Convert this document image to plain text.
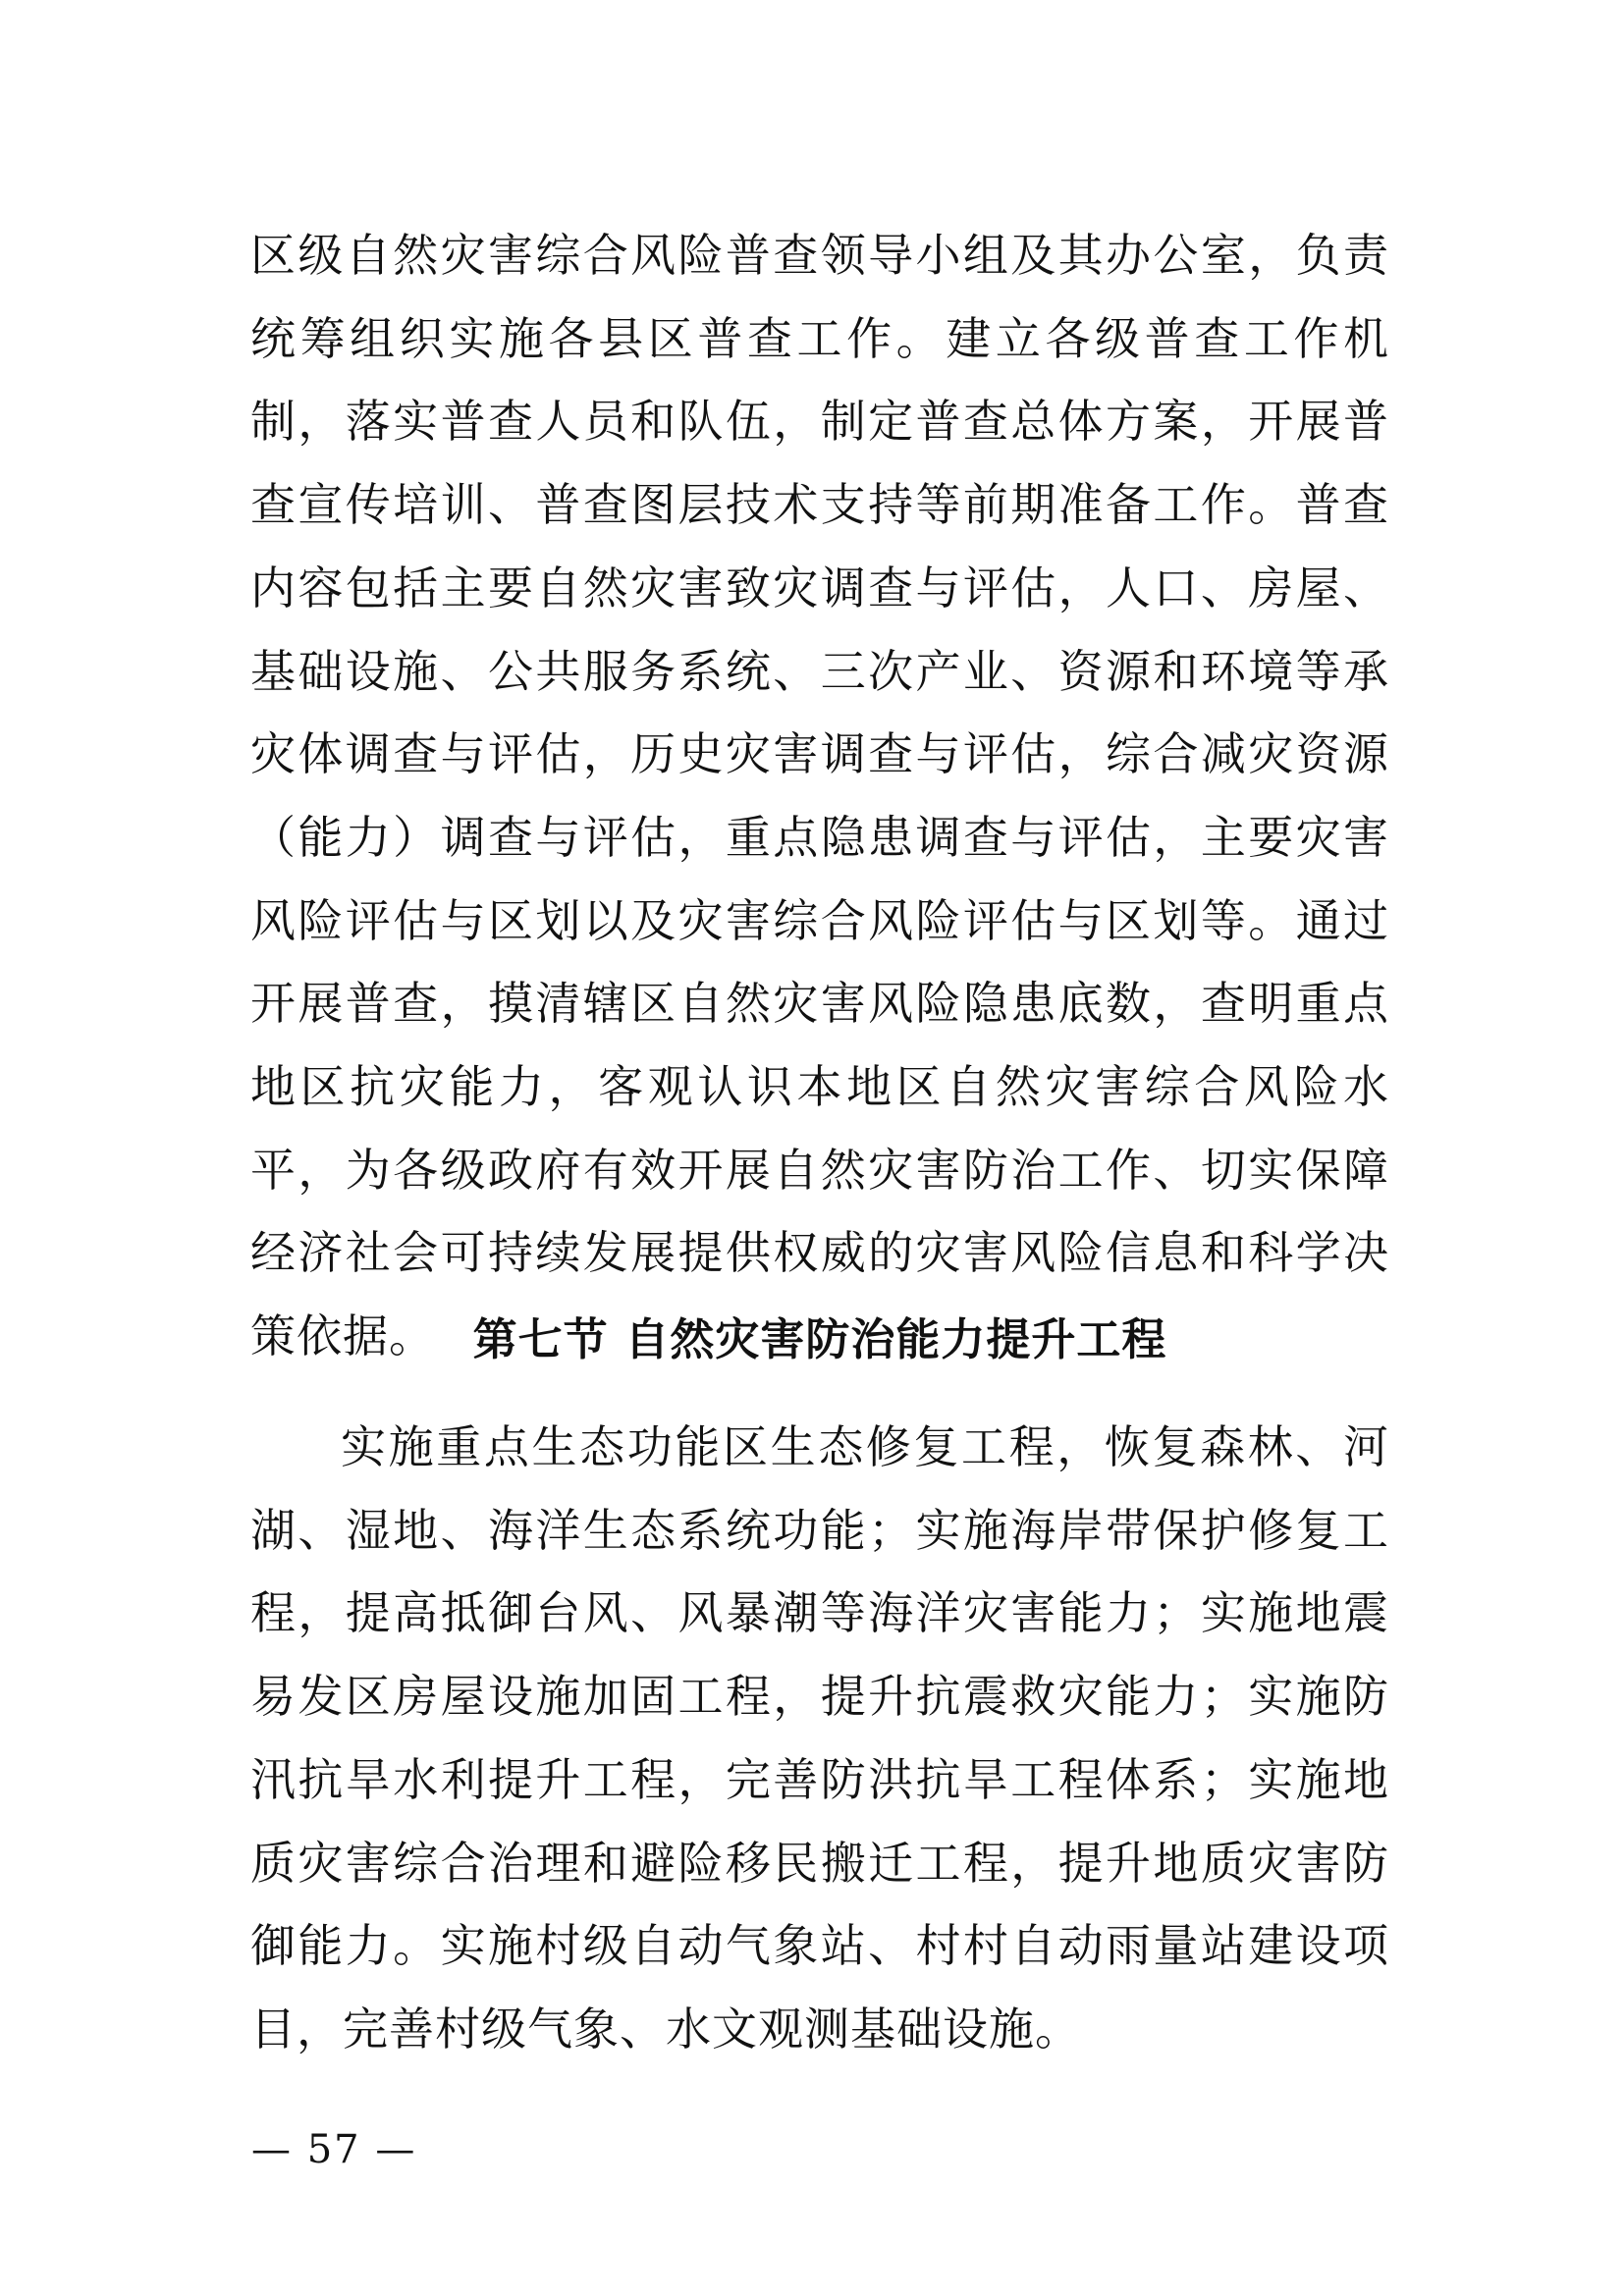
区级自然灾害综合风险普查领导小组及其办公室，负责统筹组织实施各县区普查工作。建立各级普查工作机制，落实普查人员和队伍，制定普查总体方案，开展普查宣传培训、普查图层技术支持等前期准备工作。普查内容包括主要自然灾害致灾调查与评估，人口、房屋、基础设施、公共服务系统、三次产业、资源和环境等承灾体调查与评估，历史灾害调查与评估，综合减灾资源（能力）调查与评估，重点隐患调查与评估，主要灾害风险评估与区划以及灾害综合风险评估与区划等。通过开展普查，摸清辖区自然灾害风险隐患底数，查明重点地区抗灾能力，客观认识本地区自然灾害综合风险水平，为各级政府有效开展自然灾害防治工作、切实保障经济社会可持续发展提供权威的灾害风险信息和科学决策依据。 第七节 自然灾害防治能力提升工程

实施重点生态功能区生态修复工程，恢复森林、河湖、湿地、海洋生态系统功能；实施海岸带保护修复工程，提高抵御台风、风暴潮等海洋灾害能力；实施地震易发区房屋设施加固工程，提升抗震救灾能力；实施防汛抗旱水利提升工程，完善防洪抗旱工程体系；实施地质灾害综合治理和避险移民搬迁工程，提升地质灾害防御能力。实施村级自动气象站、村村自动雨量站建设项目，完善村级气象、水文观测基础设施。

— 57 —
